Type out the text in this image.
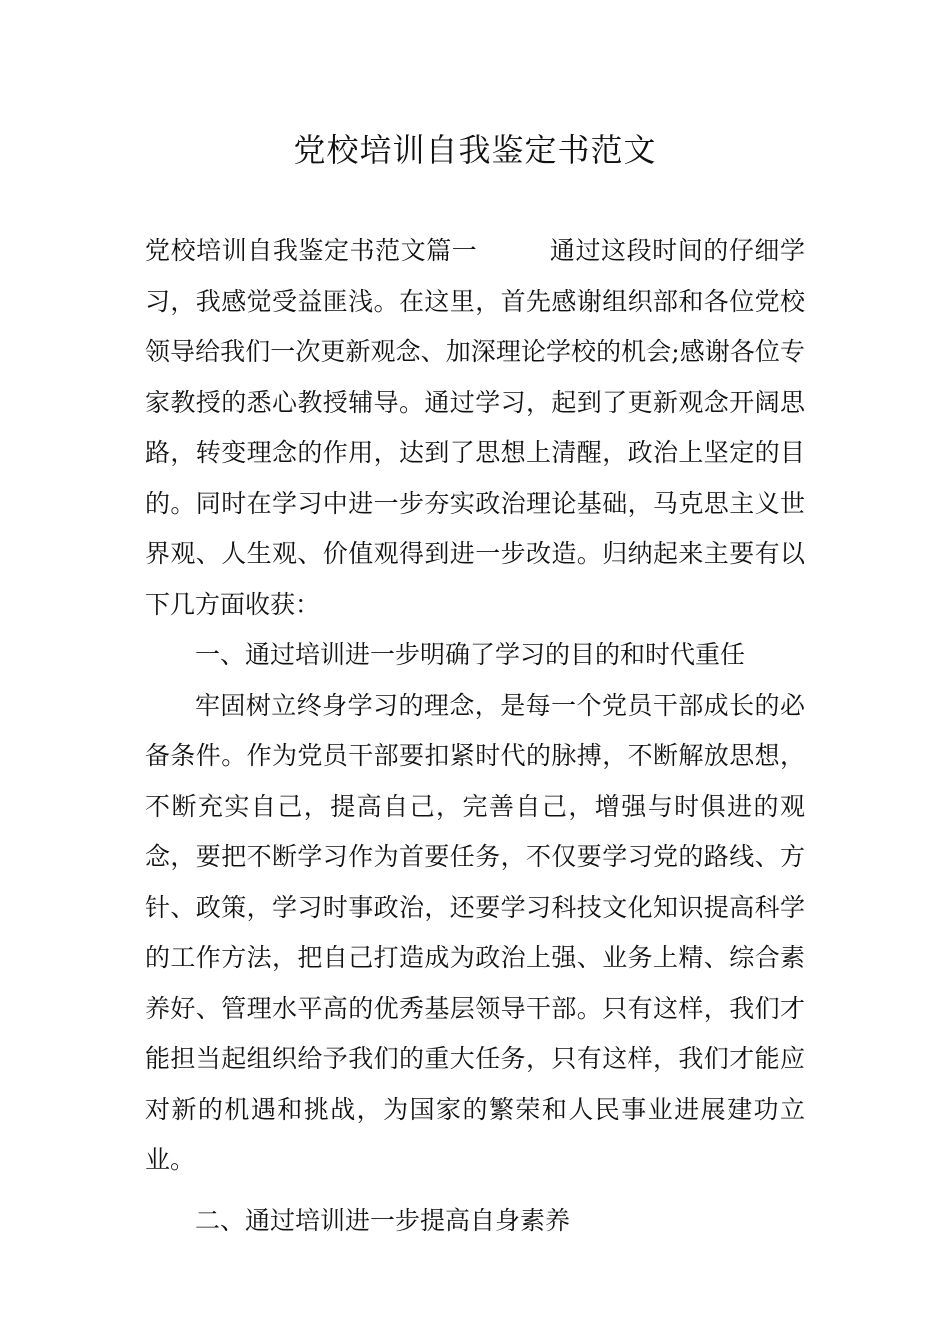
党校培训自我鉴定书范文

党校培训自我鉴定书范文篇一	通过这段时间的仔细学习，我感觉受益匪浅。在这里，首先感谢组织部和各位党校领导给我们一次更新观念、加深理论学校的机会;感谢各位专家教授的悉心教授辅导。通过学习，起到了更新观念开阔思路，转变理念的作用，达到了思想上清醒，政治上坚定的目的。同时在学习中进一步夯实政治理论基础，马克思主义世界观、人生观、价值观得到进一步改造。归纳起来主要有以下几方面收获：

一、通过培训进一步明确了学习的目的和时代重任

牢固树立终身学习的理念，是每一个党员干部成长的必备条件。作为党员干部要扣紧时代的脉搏，不断解放思想，不断充实自己，提高自己，完善自己，增强与时俱进的观念，要把不断学习作为首要任务，不仅要学习党的路线、方针、政策，学习时事政治，还要学习科技文化知识提高科学的工作方法，把自己打造成为政治上强、业务上精、综合素养好、管理水平高的优秀基层领导干部。只有这样，我们才能担当起组织给予我们的重大任务，只有这样，我们才能应对新的机遇和挑战，为国家的繁荣和人民事业进展建功立业。

二、通过培训进一步提高自身素养
